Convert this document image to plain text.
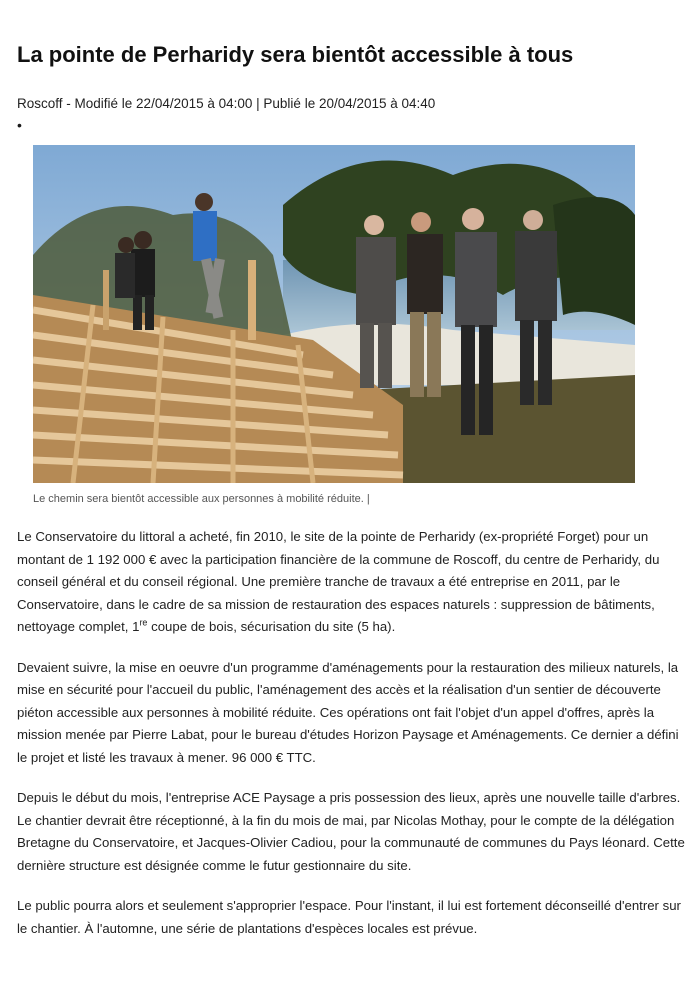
La pointe de Perharidy sera bientôt accessible à tous
Roscoff - Modifié le 22/04/2015 à 04:00 | Publié le 20/04/2015 à 04:40
•
Le chemin sera bientôt accessible aux personnes à mobilité réduite. |

Le Conservatoire du littoral a acheté, fin 2010, le site de la pointe de Perharidy (ex-propriété Forget) pour un montant de 1 192 000 € avec la participation financière de la commune de Roscoff, du centre de Perharidy, du conseil général et du conseil régional. Une première tranche de travaux a été entreprise en 2011, par le Conservatoire, dans le cadre de sa mission de restauration des espaces naturels : suppression de bâtiments, nettoyage complet, 1re coupe de bois, sécurisation du site (5 ha).

Devaient suivre, la mise en oeuvre d'un programme d'aménagements pour la restauration des milieux naturels, la mise en sécurité pour l'accueil du public, l'aménagement des accès et la réalisation d'un sentier de découverte piéton accessible aux personnes à mobilité réduite. Ces opérations ont fait l'objet d'un appel d'offres, après la mission menée par Pierre Labat, pour le bureau d'études Horizon Paysage et Aménagements. Ce dernier a défini le projet et listé les travaux à mener. 96 000 € TTC.

Depuis le début du mois, l'entreprise ACE Paysage a pris possession des lieux, après une nouvelle taille d'arbres. Le chantier devrait être réceptionné, à la fin du mois de mai, par Nicolas Mothay, pour le compte de la délégation Bretagne du Conservatoire, et Jacques-Olivier Cadiou, pour la communauté de communes du Pays léonard. Cette dernière structure est désignée comme le futur gestionnaire du site.

Le public pourra alors et seulement s'approprier l'espace. Pour l'instant, il lui est fortement déconseillé d'entrer sur le chantier. À l'automne, une série de plantations d'espèces locales est prévue.
